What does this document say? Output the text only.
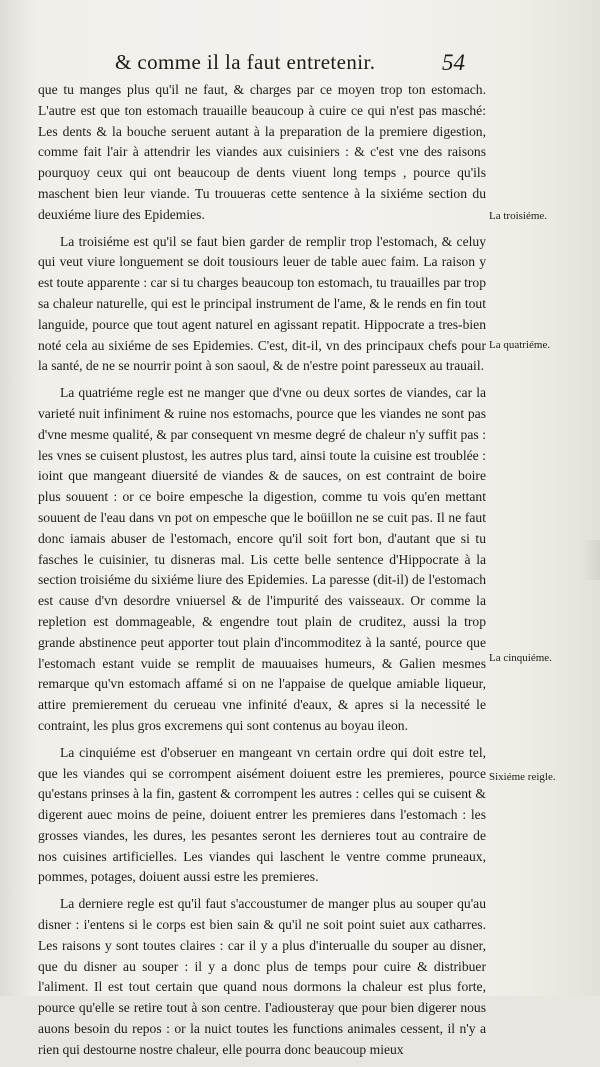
& comme il la faut entretenir.	54

que tu manges plus qu'il ne faut, & charges par ce moyen trop ton estomach. L'autre est que ton estomach trauaille beaucoup à cuire ce qui n'est pas masché: Les dents & la bouche seruent autant à la preparation de la premiere digestion, comme fait l'air à attendrir les viandes aux cuisiniers : & c'est vne des raisons pourquoy ceux qui ont beaucoup de dents viuent long temps , pource qu'ils maschent bien leur viande. Tu trouueras cette sentence à la sixiéme section du deuxiéme liure des Epidemies.

La troisiéme est qu'il se faut bien garder de remplir trop l'estomach, & celuy qui veut viure longuement se doit tousiours leuer de table auec faim. La raison y est toute apparente : car si tu charges beaucoup ton estomach, tu trauailles par trop sa chaleur naturelle, qui est le principal instrument de l'ame, & le rends en fin tout languide, pource que tout agent naturel en agissant repatit. Hippocrate a tres-bien noté cela au sixiéme de ses Epidemies. C'est, dit-il, vn des principaux chefs pour la santé, de ne se nourrir point à son saoul, & de n'estre point paresseux au trauail.

La quatriéme regle est ne manger que d'vne ou deux sortes de viandes, car la varieté nuit infiniment & ruine nos estomachs, pource que les viandes ne sont pas d'vne mesme qualité, & par consequent vn mesme degré de chaleur n'y suffit pas : les vnes se cuisent plustost, les autres plus tard, ainsi toute la cuisine est troublée : ioint que mangeant diuersité de viandes & de sauces, on est contraint de boire plus souuent : or ce boire empesche la digestion, comme tu vois qu'en mettant souuent de l'eau dans vn pot on empesche que le boüillon ne se cuit pas. Il ne faut donc iamais abuser de l'estomach, encore qu'il soit fort bon, d'autant que si tu fasches le cuisinier, tu disneras mal. Lis cette belle sentence d'Hippocrate à la section troisiéme du sixiéme liure des Epidemies. La paresse (dit-il) de l'estomach est cause d'vn desordre vniuersel & de l'impurité des vaisseaux. Or comme la repletion est dommageable, & engendre tout plain de cruditez, aussi la trop grande abstinence peut apporter tout plain d'incommoditez à la santé, pource que l'estomach estant vuide se remplit de mauuaises humeurs, & Galien mesmes remarque qu'vn estomach affamé si on ne l'appaise de quelque amiable liqueur, attire premierement du cerueau vne infinité d'eaux, & apres si la necessité le contraint, les plus gros excremens qui sont contenus au boyau ileon.

La cinquiéme est d'obseruer en mangeant vn certain ordre qui doit estre tel, que les viandes qui se corrompent aisément doiuent estre les premieres, pource qu'estans prinses à la fin, gastent & corrompent les autres : celles qui se cuisent & digerent auec moins de peine, doiuent entrer les premieres dans l'estomach : les grosses viandes, les dures, les pesantes seront les dernieres tout au contraire de nos cuisines artificielles. Les viandes qui laschent le ventre comme pruneaux, pommes, potages, doiuent aussi estre les premieres.

La derniere regle est qu'il faut s'accoustumer de manger plus au souper qu'au disner : i'entens si le corps est bien sain & qu'il ne soit point suiet aux catharres. Les raisons y sont toutes claires : car il y a plus d'interualle du souper au disner, que du disner au souper : il y a donc plus de temps pour cuire & distribuer l'aliment. Il est tout certain que quand nous dormons la chaleur est plus forte, pource qu'elle se retire tout à son centre. I'adiousteray que pour bien digerer nous auons besoin du repos : or la nuict toutes les functions animales cessent, il n'y a rien qui destourne nostre chaleur, elle pourra donc beaucoup mieux

La troisiéme.
La quatriéme.
La cinquiéme.
Sixiéme reigle.
